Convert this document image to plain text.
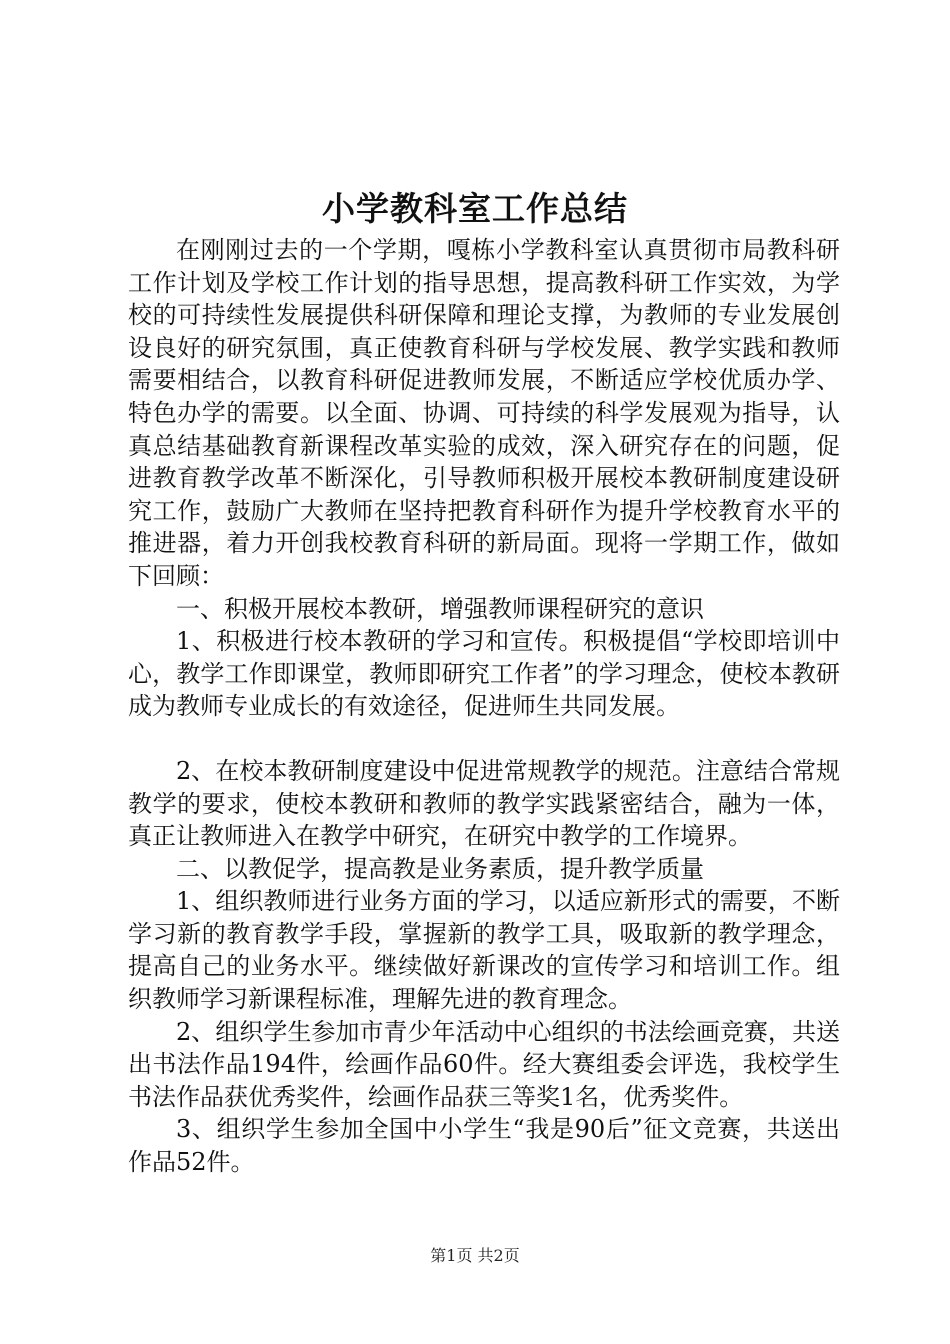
小学教科室工作总结

在刚刚过去的一个学期，嘎栋小学教科室认真贯彻市局教科研工作计划及学校工作计划的指导思想，提高教科研工作实效，为学校的可持续性发展提供科研保障和理论支撑，为教师的专业发展创设良好的研究氛围，真正使教育科研与学校发展、教学实践和教师需要相结合，以教育科研促进教师发展，不断适应学校优质办学、特色办学的需要。以全面、协调、可持续的科学发展观为指导，认真总结基础教育新课程改革实验的成效，深入研究存在的问题，促进教育教学改革不断深化，引导教师积极开展校本教研制度建设研究工作，鼓励广大教师在坚持把教育科研作为提升学校教育水平的推进器，着力开创我校教育科研的新局面。现将一学期工作，做如下回顾：

一、积极开展校本教研，增强教师课程研究的意识

1、积极进行校本教研的学习和宣传。积极提倡“学校即培训中心，教学工作即课堂，教师即研究工作者”的学习理念，使校本教研成为教师专业成长的有效途径，促进师生共同发展。

2、在校本教研制度建设中促进常规教学的规范。注意结合常规教学的要求，使校本教研和教师的教学实践紧密结合，融为一体，真正让教师进入在教学中研究，在研究中教学的工作境界。

二、以教促学，提高教是业务素质，提升教学质量

1、组织教师进行业务方面的学习，以适应新形式的需要，不断学习新的教育教学手段，掌握新的教学工具，吸取新的教学理念，提高自己的业务水平。继续做好新课改的宣传学习和培训工作。组织教师学习新课程标准，理解先进的教育理念。

2、组织学生参加市青少年活动中心组织的书法绘画竞赛，共送出书法作品194件，绘画作品60件。经大赛组委会评选，我校学生书法作品获优秀奖件，绘画作品获三等奖1名，优秀奖件。

3、组织学生参加全国中小学生“我是90后”征文竞赛，共送出作品52件。

第1页 共2页
